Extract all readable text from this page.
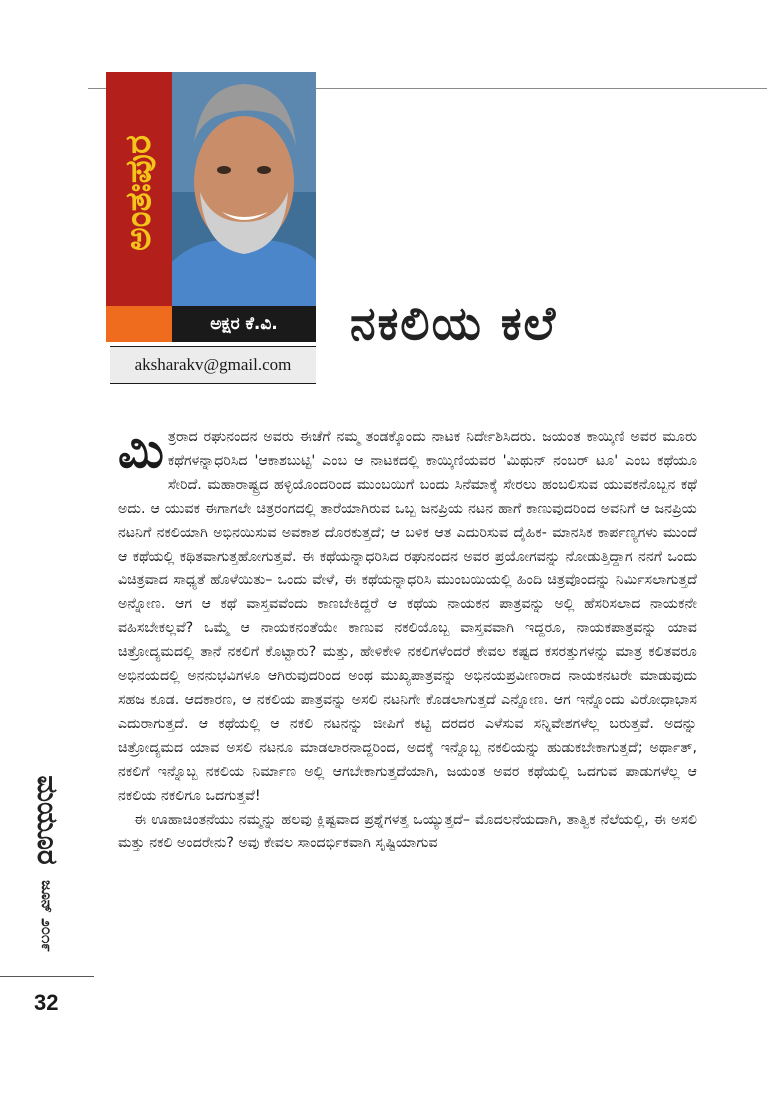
ಅಂತಃಪುರ
ಅಕ್ಷರ ಕೆ.ವಿ.
aksharakv@gmail.com
ನಕಲಿಯ ಕಲೆ

ಮಿತ್ರರಾದ ರಘುನಂದನ ಅವರು ಈಚೆಗೆ ನಮ್ಮ ತಂಡಕ್ಕೊಂದು ನಾಟಕ ನಿರ್ದೇಶಿಸಿದರು. ಜಯಂತ ಕಾಯ್ಕಿಣಿ ಅವರ ಮೂರು ಕಥೆಗಳನ್ನಾಧರಿಸಿದ 'ಆಕಾಶಬುಟ್ಟಿ' ಎಂಬ ಆ ನಾಟಕದಲ್ಲಿ ಕಾಯ್ಕಿಣಿಯವರ 'ಮಿಥುನ್ ನಂಬರ್ ಟೂ' ಎಂಬ ಕಥೆಯೂ ಸೇರಿದೆ. ಮಹಾರಾಷ್ಟ್ರದ ಹಳ್ಳಿಯೊಂದರಿಂದ ಮುಂಬಯಿಗೆ ಬಂದು ಸಿನೆಮಾಕ್ಕೆ ಸೇರಲು ಹಂಬಲಿಸುವ ಯುವಕನೊಬ್ಬನ ಕಥೆ ಅದು. ಆ ಯುವಕ ಈಗಾಗಲೇ ಚಿತ್ರರಂಗದಲ್ಲಿ ತಾರೆಯಾಗಿರುವ ಒಬ್ಬ ಜನಪ್ರಿಯ ನಟನ ಹಾಗೆ ಕಾಣುವುದರಿಂದ ಅವನಿಗೆ ಆ ಜನಪ್ರಿಯ ನಟನಿಗೆ ನಕಲಿಯಾಗಿ ಅಭಿನಯಿಸುವ ಅವಕಾಶ ದೊರಕುತ್ತದೆ; ಆ ಬಳಿಕ ಆತ ಎದುರಿಸುವ ದೈಹಿಕ- ಮಾನಸಿಕ ಕಾರ್ಪಣ್ಯಗಳು ಮುಂದೆ ಆ ಕಥೆಯಲ್ಲಿ ಕಥಿತವಾಗುತ್ತಹೋಗುತ್ತವೆ. ಈ ಕಥೆಯನ್ನಾಧರಿಸಿದ ರಘುನಂದನ ಅವರ ಪ್ರಯೋಗವನ್ನು ನೋಡುತ್ತಿದ್ದಾಗ ನನಗೆ ಒಂದು ವಿಚಿತ್ರವಾದ ಸಾಧ್ಯತೆ ಹೊಳೆಯಿತು– ಒಂದು ವೇಳೆ, ಈ ಕಥೆಯನ್ನಾಧರಿಸಿ ಮುಂಬಯಿಯಲ್ಲಿ ಹಿಂದಿ ಚಿತ್ರವೊಂದನ್ನು ನಿರ್ಮಿಸಲಾಗುತ್ತದೆ ಅನ್ನೋಣ. ಆಗ ಆ ಕಥೆ ವಾಸ್ತವವೆಂದು ಕಾಣಬೇಕಿದ್ದರೆ ಆ ಕಥೆಯ ನಾಯಕನ ಪಾತ್ರವನ್ನು ಅಲ್ಲಿ ಹೆಸರಿಸಲಾದ ನಾಯಕನೇ ವಹಿಸಬೇಕಲ್ಲವೆ? ಒಮ್ಮೆ ಆ ನಾಯಕನಂತೆಯೇ ಕಾಣುವ ನಕಲಿಯೊಬ್ಬ ವಾಸ್ತವವಾಗಿ ಇದ್ದರೂ, ನಾಯಕಪಾತ್ರವನ್ನು ಯಾವ ಚಿತ್ರೋದ್ಯಮದಲ್ಲಿ ತಾನೆ ನಕಲಿಗೆ ಕೊಟ್ಟಾರು? ಮತ್ತು, ಹೇಳಿಕೇಳಿ ನಕಲಿಗಳೆಂದರೆ ಕೇವಲ ಕಷ್ಟದ ಕಸರತ್ತುಗಳನ್ನು ಮಾತ್ರ ಕಲಿತವರೂ ಅಭಿನಯದಲ್ಲಿ ಅನನುಭವಿಗಳೂ ಆಗಿರುವುದರಿಂದ ಅಂಥ ಮುಖ್ಯಪಾತ್ರವನ್ನು ಅಭಿನಯಪ್ರವೀಣರಾದ ನಾಯಕನಟರೇ ಮಾಡುವುದು ಸಹಜ ಕೂಡ. ಆದಕಾರಣ, ಆ ನಕಲಿಯ ಪಾತ್ರವನ್ನು ಅಸಲಿ ನಟನಿಗೇ ಕೊಡಲಾಗುತ್ತದೆ ಎನ್ನೋಣ. ಆಗ ಇನ್ನೊಂದು ವಿರೋಧಾಭಾಸ ಎದುರಾಗುತ್ತದೆ. ಆ ಕಥೆಯಲ್ಲಿ ಆ ನಕಲಿ ನಟನನ್ನು ಜೀಪಿಗೆ ಕಟ್ಟಿ ದರದರ ಎಳೆಸುವ ಸನ್ನಿವೇಶಗಳೆಲ್ಲ ಬರುತ್ತವೆ. ಅದನ್ನು ಚಿತ್ರೋದ್ಯಮದ ಯಾವ ಅಸಲಿ ನಟನೂ ಮಾಡಲಾರನಾದ್ದರಿಂದ, ಅದಕ್ಕೆ ಇನ್ನೊಬ್ಬ ನಕಲಿಯನ್ನು ಹುಡುಕಬೇಕಾಗುತ್ತದೆ; ಅರ್ಥಾತ್, ನಕಲಿಗೆ ಇನ್ನೊಬ್ಬ ನಕಲಿಯ ನಿರ್ಮಾಣ ಅಲ್ಲಿ ಆಗಬೇಕಾಗುತ್ತದೆಯಾಗಿ, ಜಯಂತ ಅವರ ಕಥೆಯಲ್ಲಿ ಒದಗುವ ಪಾಡುಗಳೆಲ್ಲ ಆ ನಕಲಿಯ ನಕಲಿಗೂ ಒದಗುತ್ತವೆ!

ಈ ಊಹಾಚಿಂತನೆಯು ನಮ್ಮನ್ನು ಹಲವು ಕ್ಲಿಷ್ಟವಾದ ಪ್ರಶ್ನೆಗಳತ್ತ ಒಯ್ಯುತ್ತದೆ– ಮೊದಲನೆಯದಾಗಿ, ತಾತ್ವಿಕ ನೆಲೆಯಲ್ಲಿ, ಈ ಅಸಲಿ ಮತ್ತು ನಕಲಿ ಅಂದರೇನು? ಅವು ಕೇವಲ ಸಾಂದರ್ಭಿಕವಾಗಿ ಸೃಷ್ಟಿಯಾಗುವ

ಮಯೂರ
ಜೂನ್ ೨೦೧೯
32
